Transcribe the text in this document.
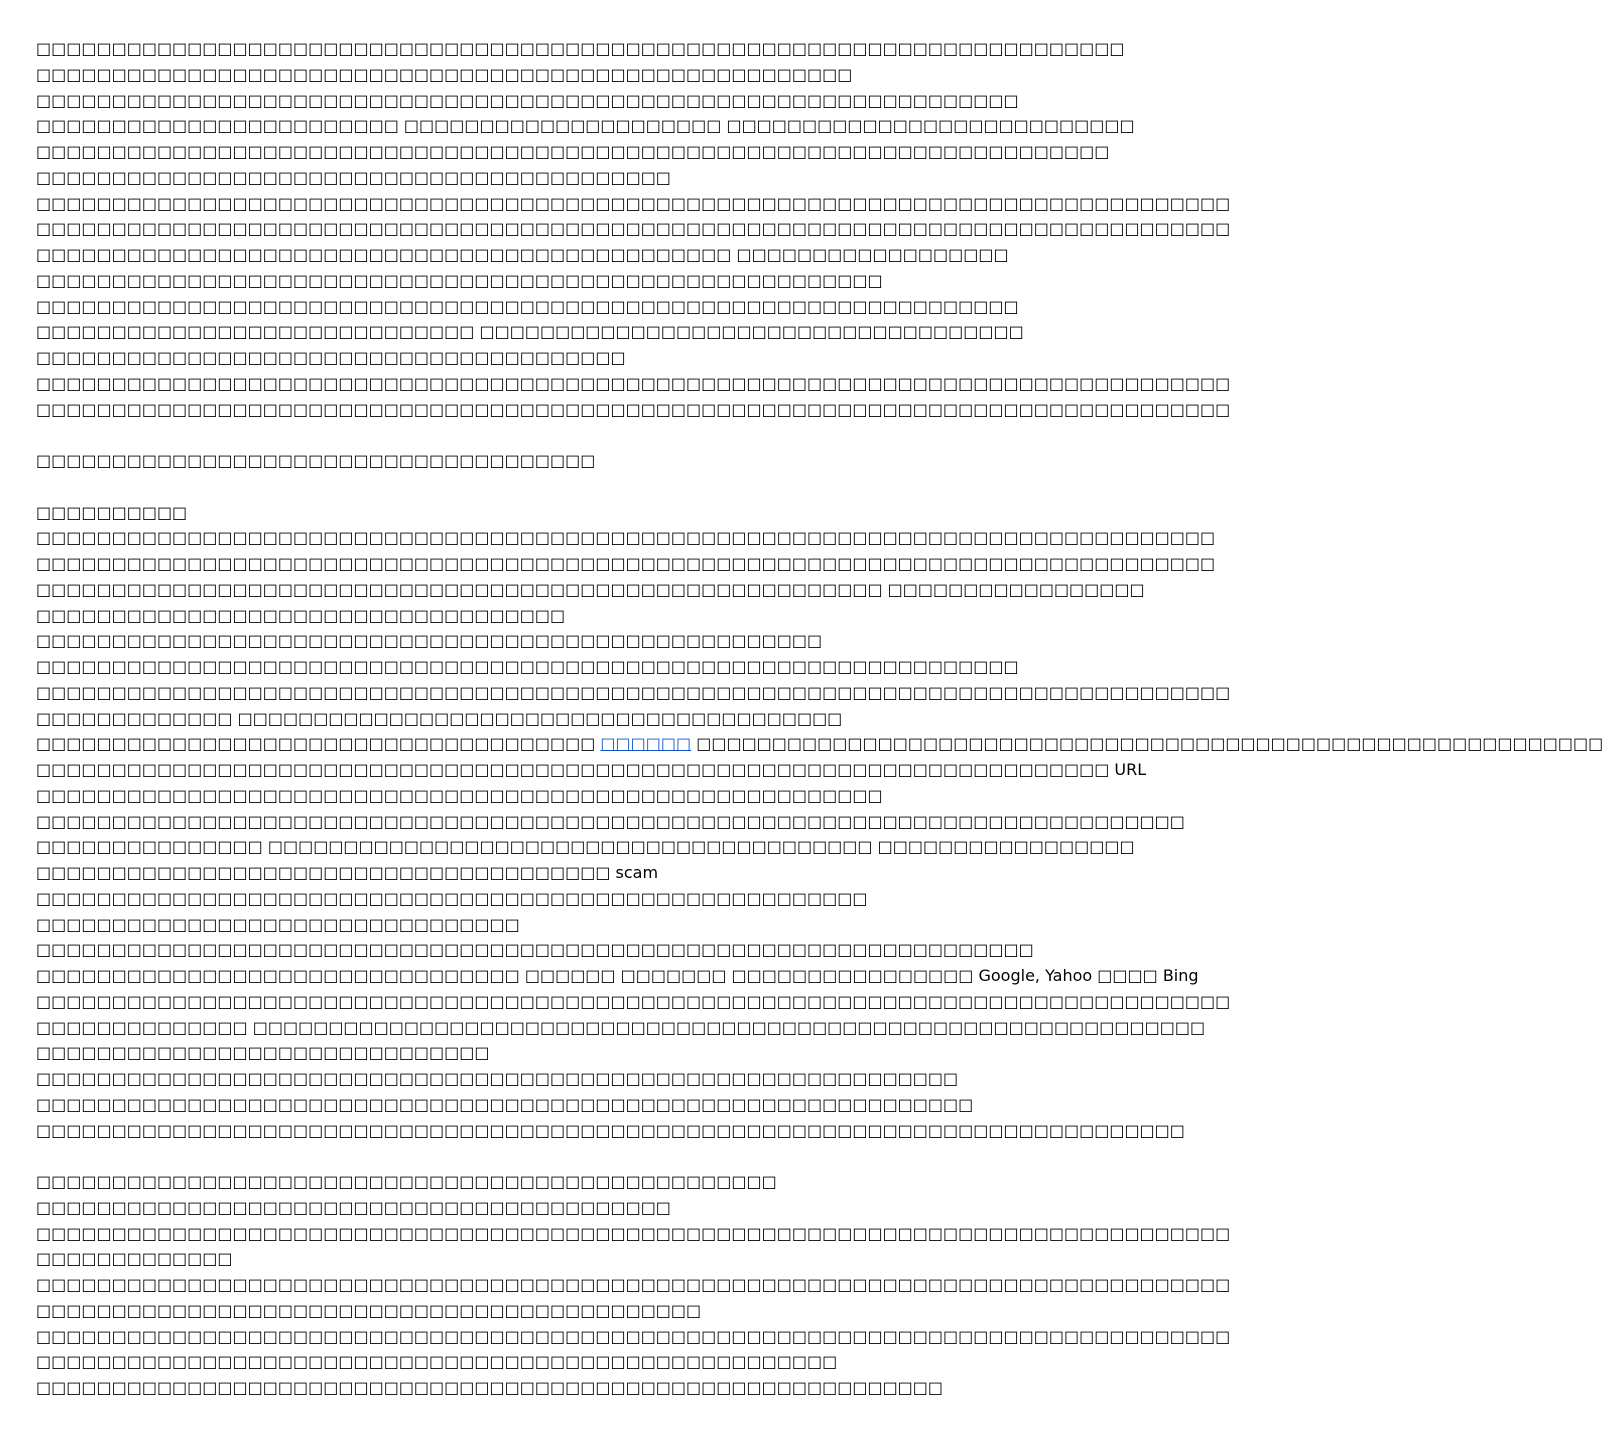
□□□□□□□□□□□□□□□□□□□□□□□□□□□□□□□□□□□□□□□□□□□□□□□□□□□□□□□□□□□□□□□□□□□□□□□□
□□□□□□□□□□□□□□□□□□□□□□□□□□□□□□□□□□□□□□□□□□□□□□□□□□□□□□
□□□□□□□□□□□□□□□□□□□□□□□□□□□□□□□□□□□□□□□□□□□□□□□□□□□□□□□□□□□□□□□□□
□□□□□□□□□□□□□□□□□□□□□□□□ □□□□□□□□□□□□□□□□□□□□□ □□□□□□□□□□□□□□□□□□□□□□□□□□□
□□□□□□□□□□□□□□□□□□□□□□□□□□□□□□□□□□□□□□□□□□□□□□□□□□□□□□□□□□□□□□□□□□□□□□□
□□□□□□□□□□□□□□□□□□□□□□□□□□□□□□□□□□□□□□□□□□
□□□□□□□□□□□□□□□□□□□□□□□□□□□□□□□□□□□□□□□□□□□□□□□□□□□□□□□□□□□□□□□□□□□□□□□□□□□□□□□
□□□□□□□□□□□□□□□□□□□□□□□□□□□□□□□□□□□□□□□□□□□□□□□□□□□□□□□□□□□□□□□□□□□□□□□□□□□□□□□
□□□□□□□□□□□□□□□□□□□□□□□□□□□□□□□□□□□□□□□□□□□□□□ □□□□□□□□□□□□□□□□□□
□□□□□□□□□□□□□□□□□□□□□□□□□□□□□□□□□□□□□□□□□□□□□□□□□□□□□□□□
□□□□□□□□□□□□□□□□□□□□□□□□□□□□□□□□□□□□□□□□□□□□□□□□□□□□□□□□□□□□□□□□□
□□□□□□□□□□□□□□□□□□□□□□□□□□□□□ □□□□□□□□□□□□□□□□□□□□□□□□□□□□□□□□□□□□
□□□□□□□□□□□□□□□□□□□□□□□□□□□□□□□□□□□□□□□
□□□□□□□□□□□□□□□□□□□□□□□□□□□□□□□□□□□□□□□□□□□□□□□□□□□□□□□□□□□□□□□□□□□□□□□□□□□□□□□
□□□□□□□□□□□□□□□□□□□□□□□□□□□□□□□□□□□□□□□□□□□□□□□□□□□□□□□□□□□□□□□□□□□□□□□□□□□□□□□
□□□□□□□□□□□□□□□□□□□□□□□□□□□□□□□□□□□□□
□□□□□□□□□□
□□□□□□□□□□□□□□□□□□□□□□□□□□□□□□□□□□□□□□□□□□□□□□□□□□□□□□□□□□□□□□□□□□□□□□□□□□□□□□
□□□□□□□□□□□□□□□□□□□□□□□□□□□□□□□□□□□□□□□□□□□□□□□□□□□□□□□□□□□□□□□□□□□□□□□□□□□□□□
□□□□□□□□□□□□□□□□□□□□□□□□□□□□□□□□□□□□□□□□□□□□□□□□□□□□□□□□ □□□□□□□□□□□□□□□□□
□□□□□□□□□□□□□□□□□□□□□□□□□□□□□□□□□□□
□□□□□□□□□□□□□□□□□□□□□□□□□□□□□□□□□□□□□□□□□□□□□□□□□□□□
□□□□□□□□□□□□□□□□□□□□□□□□□□□□□□□□□□□□□□□□□□□□□□□□□□□□□□□□□□□□□□□□□
□□□□□□□□□□□□□□□□□□□□□□□□□□□□□□□□□□□□□□□□□□□□□□□□□□□□□□□□□□□□□□□□□□□□□□□□□□□□□□□
□□□□□□□□□□□□□ □□□□□□□□□□□□□□□□□□□□□□□□□□□□□□□□□□□□□□□□
□□□□□□□□□□□□□□□□□□□□□□□□□□□□□□□□□□□□□ □□□□□□ □□□□□□□□□□□□□□□□□□□□□□□□□□□□□□□□□□□□□□□□□□□□□□□□□□□□□□□□□□□□
□□□□□□□□□□□□□□□□□□□□□□□□□□□□□□□□□□□□□□□□□□□□□□□□□□□□□□□□□□□□□□□□□□□□□□□ URL
□□□□□□□□□□□□□□□□□□□□□□□□□□□□□□□□□□□□□□□□□□□□□□□□□□□□□□□□
□□□□□□□□□□□□□□□□□□□□□□□□□□□□□□□□□□□□□□□□□□□□□□□□□□□□□□□□□□□□□□□□□□□□□□□□□□□□
□□□□□□□□□□□□□□□ □□□□□□□□□□□□□□□□□□□□□□□□□□□□□□□□□□□□□□□□ □□□□□□□□□□□□□□□□□
□□□□□□□□□□□□□□□□□□□□□□□□□□□□□□□□□□□□□□ scam
□□□□□□□□□□□□□□□□□□□□□□□□□□□□□□□□□□□□□□□□□□□□□□□□□□□□□□□
□□□□□□□□□□□□□□□□□□□□□□□□□□□□□□□□
□□□□□□□□□□□□□□□□□□□□□□□□□□□□□□□□□□□□□□□□□□□□□□□□□□□□□□□□□□□□□□□□□□
□□□□□□□□□□□□□□□□□□□□□□□□□□□□□□□□ □□□□□□ □□□□□□□ □□□□□□□□□□□□□□□□ Google, Yahoo □□□□ Bing
□□□□□□□□□□□□□□□□□□□□□□□□□□□□□□□□□□□□□□□□□□□□□□□□□□□□□□□□□□□□□□□□□□□□□□□□□□□□□□□
□□□□□□□□□□□□□□ □□□□□□□□□□□□□□□□□□□□□□□□□□□□□□□□□□□□□□□□□□□□□□□□□□□□□□□□□□□□□□□
□□□□□□□□□□□□□□□□□□□□□□□□□□□□□□
□□□□□□□□□□□□□□□□□□□□□□□□□□□□□□□□□□□□□□□□□□□□□□□□□□□□□□□□□□□□□
□□□□□□□□□□□□□□□□□□□□□□□□□□□□□□□□□□□□□□□□□□□□□□□□□□□□□□□□□□□□□□
□□□□□□□□□□□□□□□□□□□□□□□□□□□□□□□□□□□□□□□□□□□□□□□□□□□□□□□□□□□□□□□□□□□□□□□□□□□□
□□□□□□□□□□□□□□□□□□□□□□□□□□□□□□□□□□□□□□□□□□□□□□□□□
□□□□□□□□□□□□□□□□□□□□□□□□□□□□□□□□□□□□□□□□□□
□□□□□□□□□□□□□□□□□□□□□□□□□□□□□□□□□□□□□□□□□□□□□□□□□□□□□□□□□□□□□□□□□□□□□□□□□□□□□□□
□□□□□□□□□□□□□
□□□□□□□□□□□□□□□□□□□□□□□□□□□□□□□□□□□□□□□□□□□□□□□□□□□□□□□□□□□□□□□□□□□□□□□□□□□□□□□
□□□□□□□□□□□□□□□□□□□□□□□□□□□□□□□□□□□□□□□□□□□□
□□□□□□□□□□□□□□□□□□□□□□□□□□□□□□□□□□□□□□□□□□□□□□□□□□□□□□□□□□□□□□□□□□□□□□□□□□□□□□□
□□□□□□□□□□□□□□□□□□□□□□□□□□□□□□□□□□□□□□□□□□□□□□□□□□□□□
□□□□□□□□□□□□□□□□□□□□□□□□□□□□□□□□□□□□□□□□□□□□□□□□□□□□□□□□□□□□
